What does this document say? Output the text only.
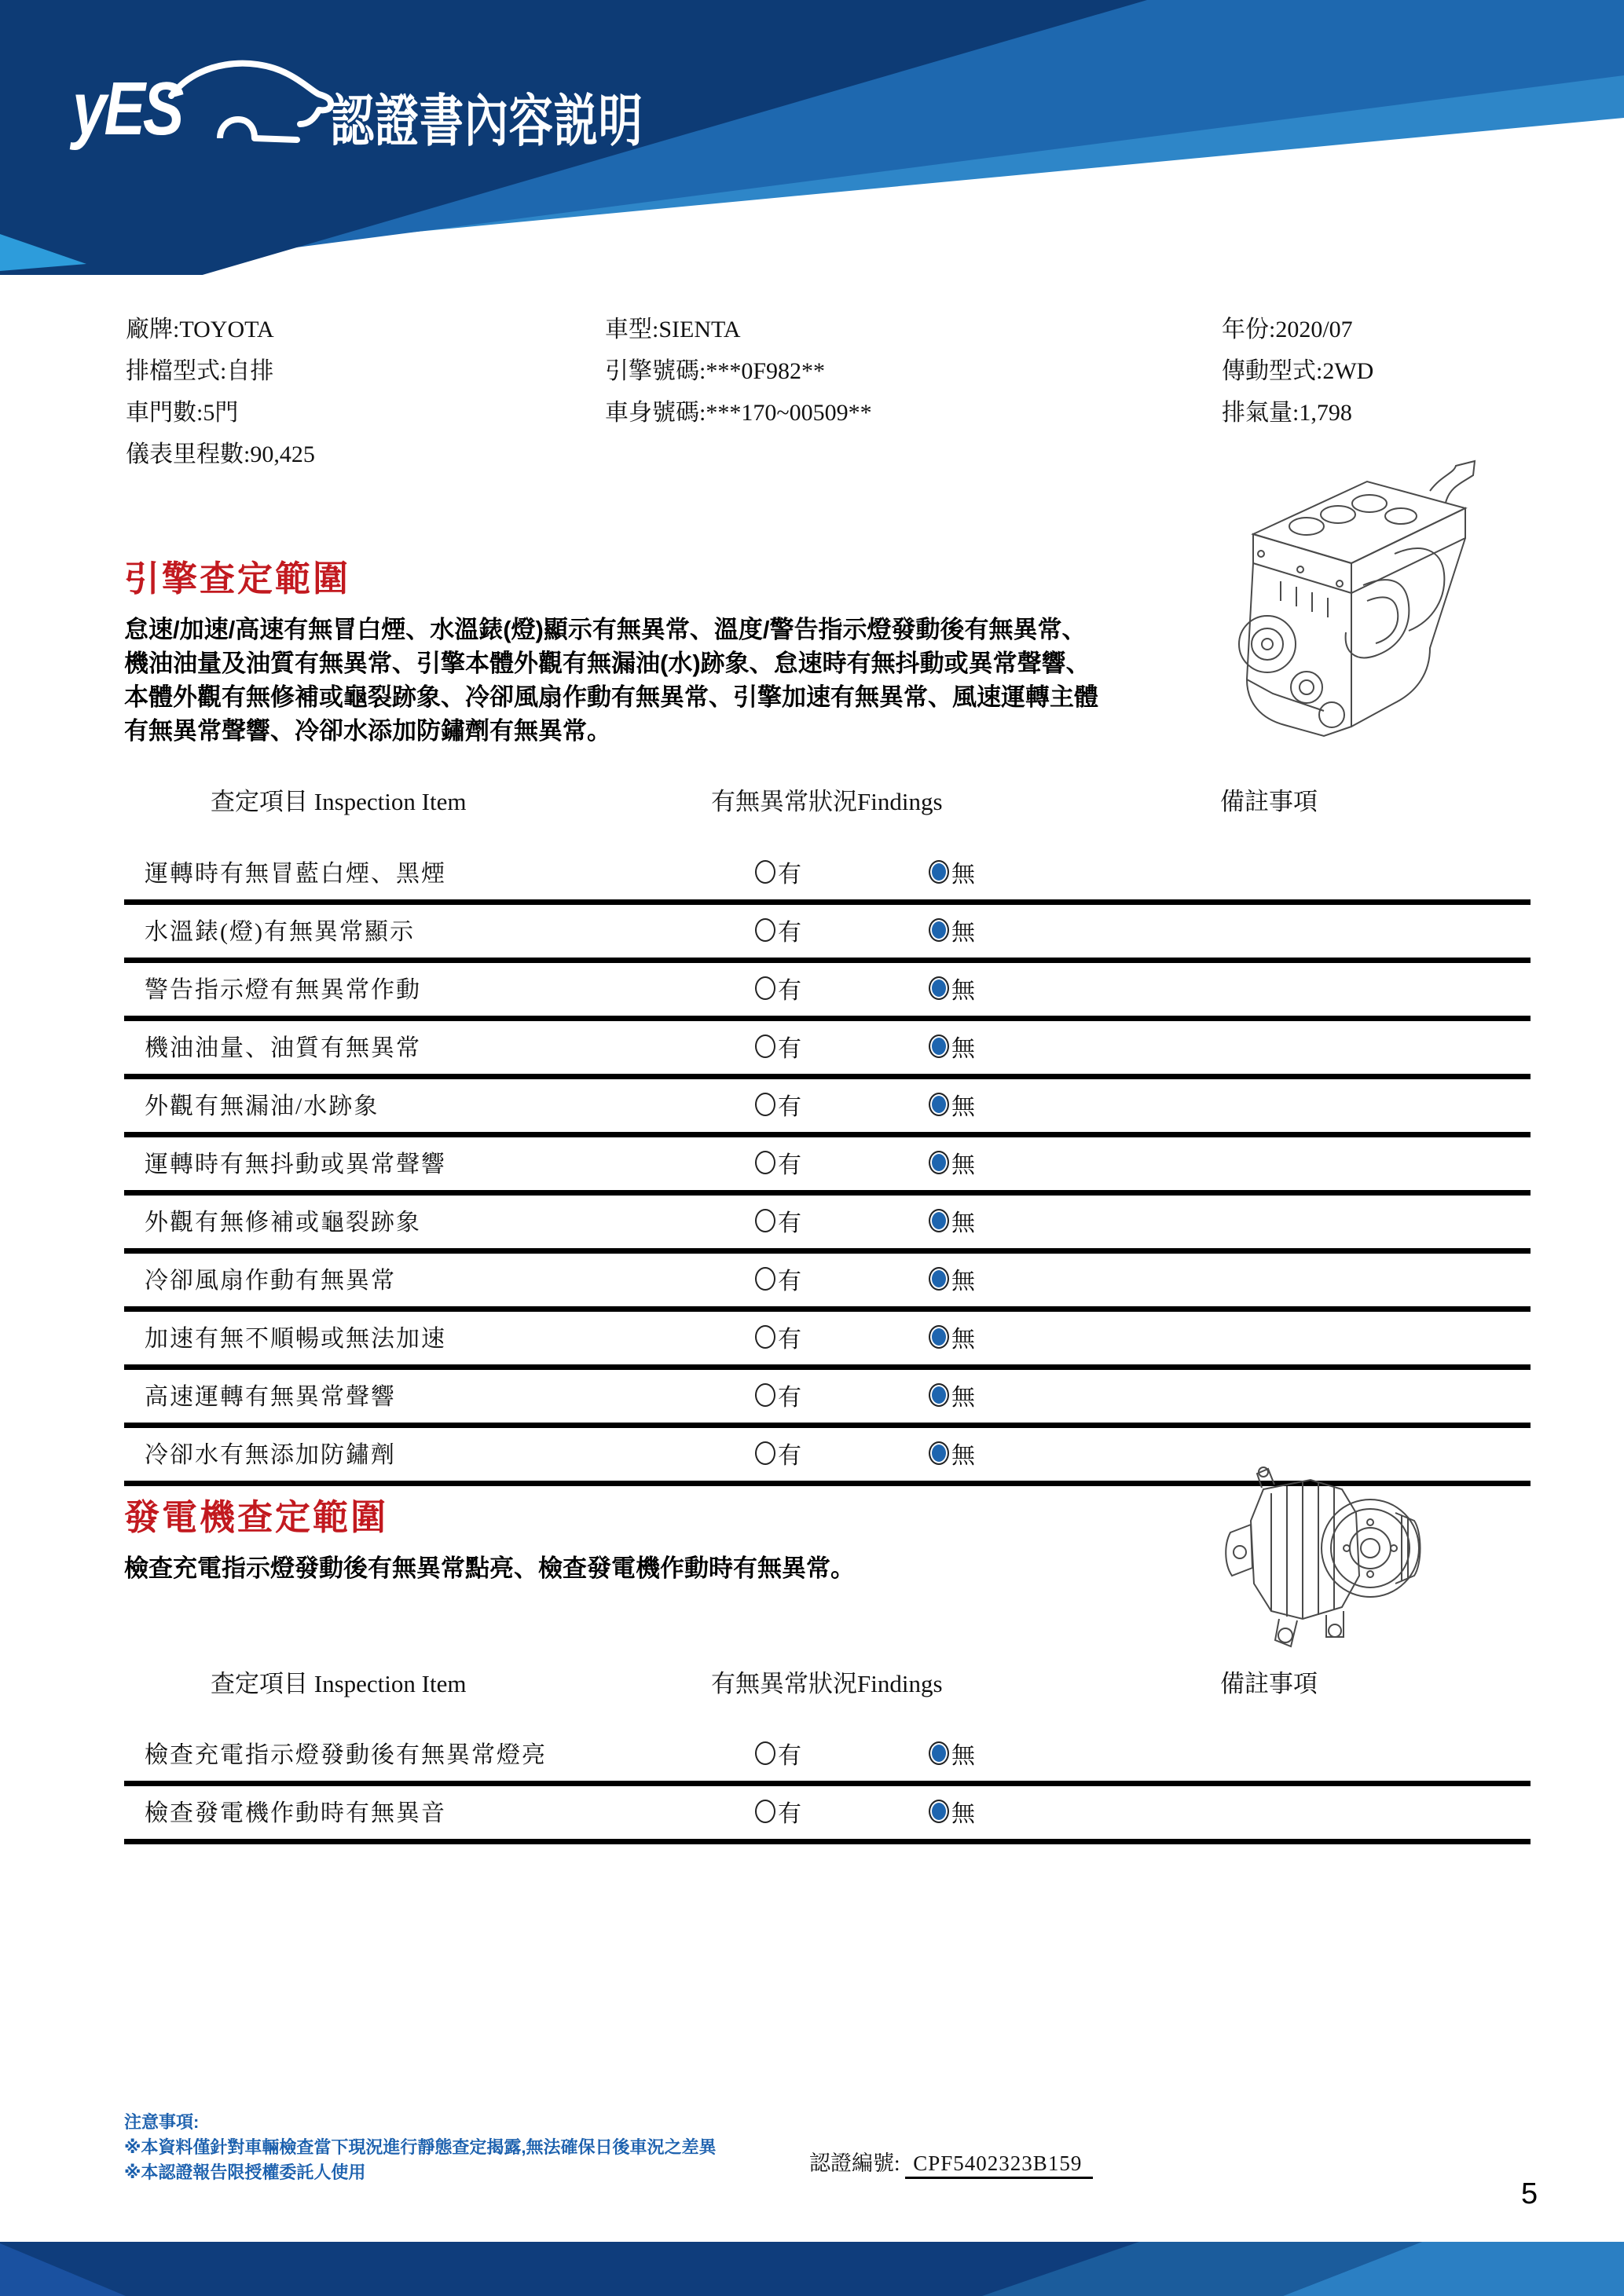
yES	認證書內容説明
廠牌:TOYOTA
排檔型式:自排
車門數:5門
儀表里程數:90,425
車型:SIENTA
引擎號碼:***0F982**
車身號碼:***170~00509**
年份:2020/07
傳動型式:2WD
排氣量:1,798
引擎查定範圍
怠速/加速/高速有無冒白煙、水溫錶(燈)顯示有無異常、溫度/警告指示燈發動後有無異常、
機油油量及油質有無異常、引擎本體外觀有無漏油(水)跡象、怠速時有無抖動或異常聲響、
本體外觀有無修補或龜裂跡象、冷卻風扇作動有無異常、引擎加速有無異常、風速運轉主體
有無異常聲響、冷卻水添加防鏽劑有無異常。
查定項目 Inspection Item	有無異常狀況Findings	備註事項
運轉時有無冒藍白煙、黑煙	有	無
水溫錶(燈)有無異常顯示	有	無
警告指示燈有無異常作動	有	無
機油油量、油質有無異常	有	無
外觀有無漏油/水跡象	有	無
運轉時有無抖動或異常聲響	有	無
外觀有無修補或龜裂跡象	有	無
冷卻風扇作動有無異常	有	無
加速有無不順暢或無法加速	有	無
高速運轉有無異常聲響	有	無
冷卻水有無添加防鏽劑	有	無
發電機查定範圍
檢查充電指示燈發動後有無異常點亮、檢查發電機作動時有無異常。
查定項目 Inspection Item	有無異常狀況Findings	備註事項
檢查充電指示燈發動後有無異常燈亮	有	無
檢查發電機作動時有無異音	有	無
注意事項:
※本資料僅針對車輛檢查當下現況進行靜態查定揭露,無法確保日後車況之差異
※本認證報告限授權委託人使用	認證編號: CPF5402323B159
5
